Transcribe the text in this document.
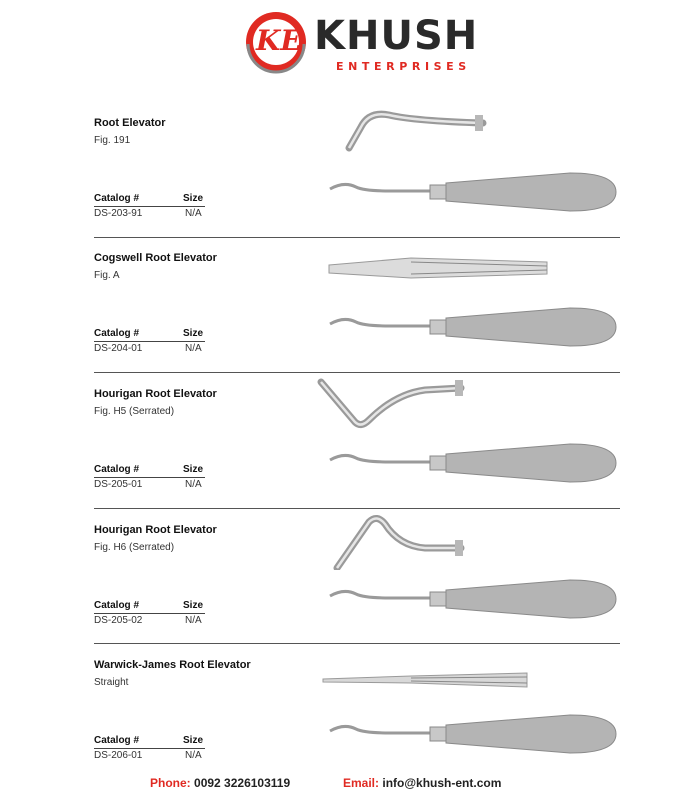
KE KHUSH
ENTERPRISES
Root Elevator
Fig. 191
Catalog #	Size
DS-203-91	N/A
Cogswell Root Elevator
Fig. A
Catalog #	Size
DS-204-01	N/A
Hourigan Root Elevator
Fig. H5 (Serrated)
Catalog #	Size
DS-205-01	N/A
Hourigan Root Elevator
Fig. H6 (Serrated)
Catalog #	Size
DS-205-02	N/A
Warwick-James Root Elevator
Straight
Catalog #	Size
DS-206-01	N/A
Phone: 0092 3226103119	Email: info@khush-ent.com
